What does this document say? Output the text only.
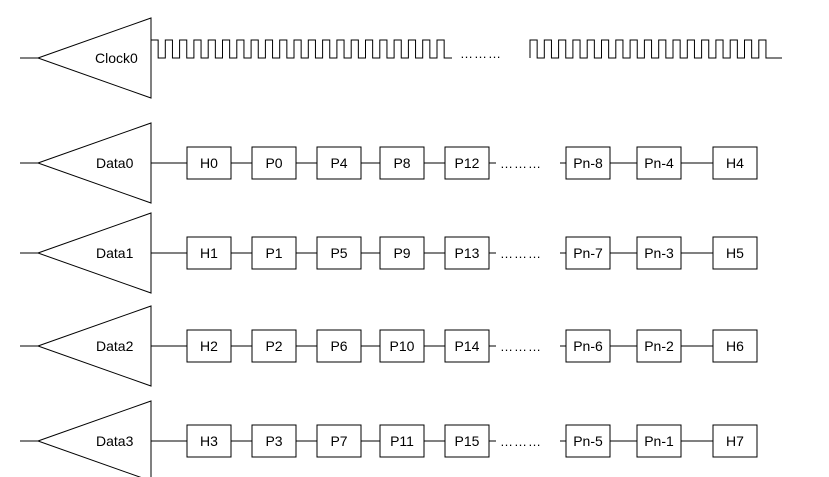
Clock0	………
Data0	H0	P0	P4	P8	P12	Pn-8	Pn-4	H4
………
Data1	H1	P1	P5	P9	P13	Pn-7	Pn-3	H5
………
Data2	H2	P2	P6	P10	P14	Pn-6	Pn-2	H6
………
Data3	H3	P3	P7	P11	P15	Pn-5	Pn-1	H7
………
